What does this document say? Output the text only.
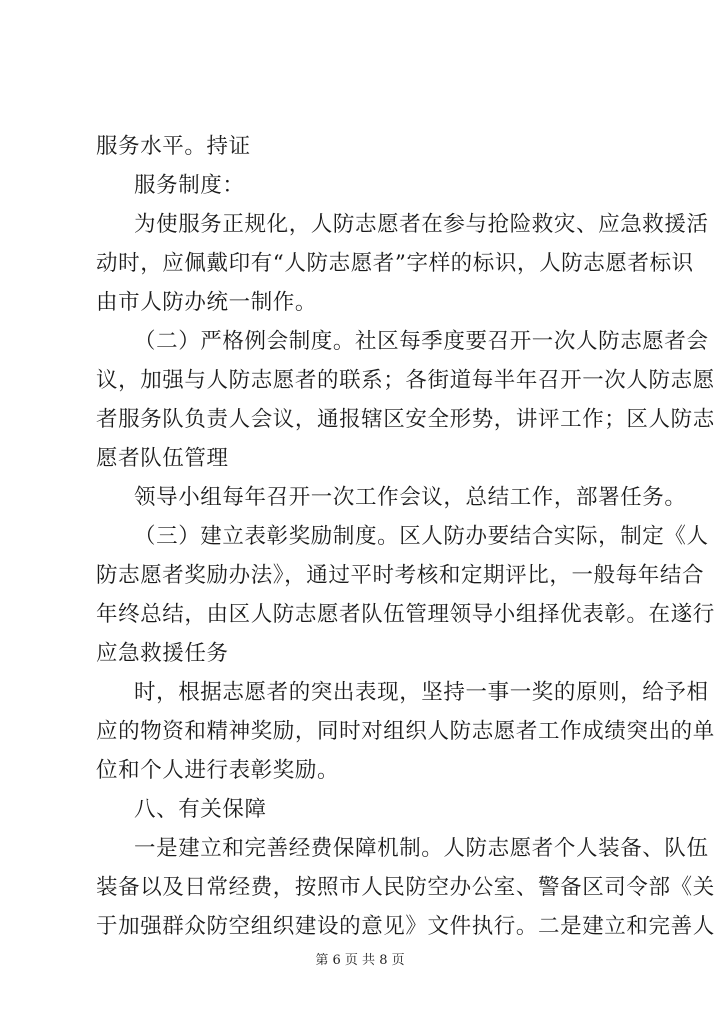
服务水平。持证
服务制度：
为使服务正规化，人防志愿者在参与抢险救灾、应急救援活
动时，应佩戴印有“人防志愿者”字样的标识，人防志愿者标识
由市人防办统一制作。
（二）严格例会制度。社区每季度要召开一次人防志愿者会
议，加强与人防志愿者的联系；各街道每半年召开一次人防志愿
者服务队负责人会议，通报辖区安全形势，讲评工作；区人防志
愿者队伍管理
领导小组每年召开一次工作会议，总结工作，部署任务。
（三）建立表彰奖励制度。区人防办要结合实际，制定《人
防志愿者奖励办法》，通过平时考核和定期评比，一般每年结合
年终总结，由区人防志愿者队伍管理领导小组择优表彰。在遂行
应急救援任务
时，根据志愿者的突出表现，坚持一事一奖的原则，给予相
应的物资和精神奖励，同时对组织人防志愿者工作成绩突出的单
位和个人进行表彰奖励。
八、有关保障
一是建立和完善经费保障机制。人防志愿者个人装备、队伍
装备以及日常经费，按照市人民防空办公室、警备区司令部《关
于加强群众防空组织建设的意见》文件执行。二是建立和完善人
第 6 页 共 8 页
